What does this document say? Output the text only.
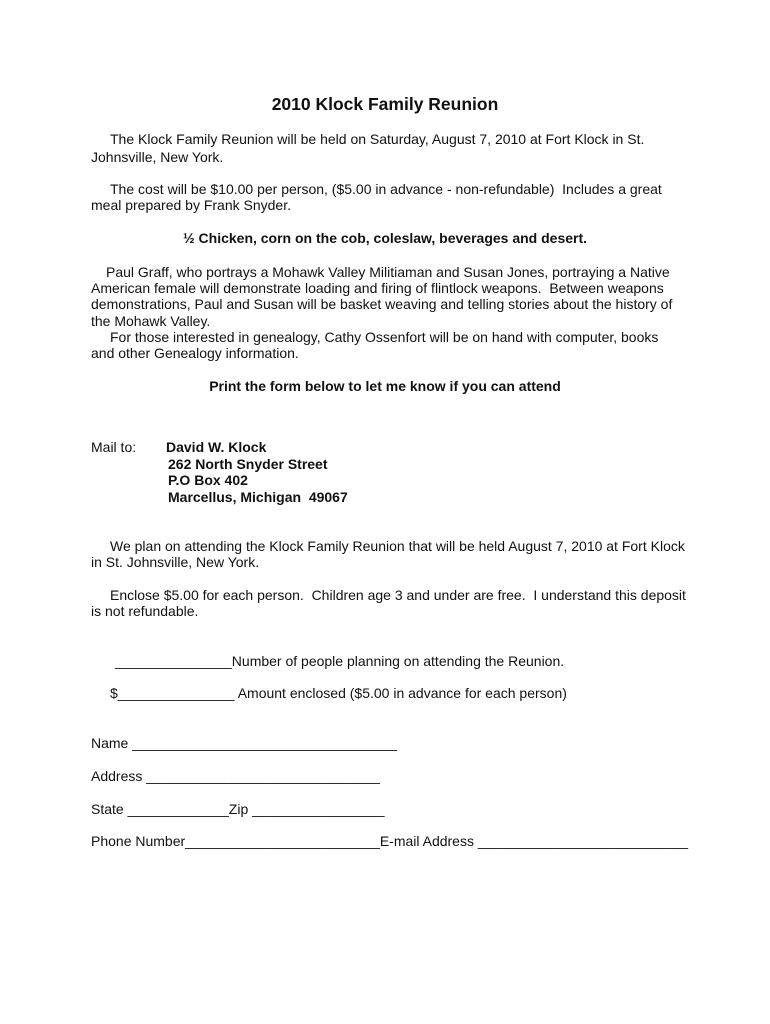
2010 Klock Family Reunion
The Klock Family Reunion will be held on Saturday, August 7, 2010 at Fort Klock in St.
Johnsville, New York.
The cost will be $10.00 per person, ($5.00 in advance - non-refundable)  Includes a great
meal prepared by Frank Snyder.
½ Chicken, corn on the cob, coleslaw, beverages and desert.
Paul Graff, who portrays a Mohawk Valley Militiaman and Susan Jones, portraying a Native
American female will demonstrate loading and firing of flintlock weapons.  Between weapons
demonstrations, Paul and Susan will be basket weaving and telling stories about the history of
the Mohawk Valley.
For those interested in genealogy, Cathy Ossenfort will be on hand with computer, books
and other Genealogy information.
Print the form below to let me know if you can attend
Mail to: David W. Klock
262 North Snyder Street
P.O Box 402
Marcellus, Michigan  49067
We plan on attending the Klock Family Reunion that will be held August 7, 2010 at Fort Klock
in St. Johnsville, New York.
Enclose $5.00 for each person.  Children age 3 and under are free.  I understand this deposit
is not refundable.
_______________Number of people planning on attending the Reunion.
$_______________ Amount enclosed ($5.00 in advance for each person)
Name __________________________________
Address ______________________________
State _____________Zip _________________
Phone Number_________________________E-mail Address ___________________________
